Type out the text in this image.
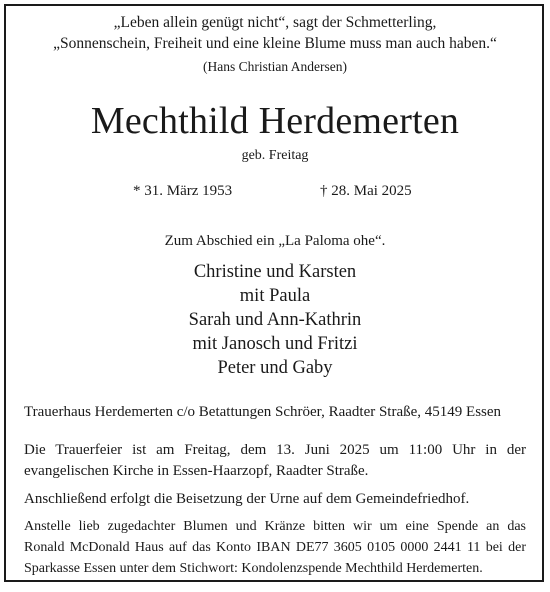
„Leben allein genügt nicht“, sagt der Schmetterling,
„Sonnenschein, Freiheit und eine kleine Blume muss man auch haben.“
(Hans Christian Andersen)
Mechthild Herdemerten
geb. Freitag
* 31. März 1953	† 28. Mai 2025
Zum Abschied ein „La Paloma ohe“.
Christine und Karsten
mit Paula
Sarah und Ann-Kathrin
mit Janosch und Fritzi
Peter und Gaby
Trauerhaus Herdemerten c/o Betattungen Schröer, Raadter Straße, 45149 Essen
Die Trauerfeier ist am Freitag, dem 13. Juni 2025 um 11:00 Uhr in der
evangelischen Kirche in Essen-Haarzopf, Raadter Straße.
Anschließend erfolgt die Beisetzung der Urne auf dem Gemeindefriedhof.
Anstelle lieb zugedachter Blumen und Kränze bitten wir um eine Spende an das
Ronald McDonald Haus auf das Konto IBAN DE77 3605 0105 0000 2441 11 bei der
Sparkasse Essen unter dem Stichwort: Kondolenzspende Mechthild Herdemerten.
